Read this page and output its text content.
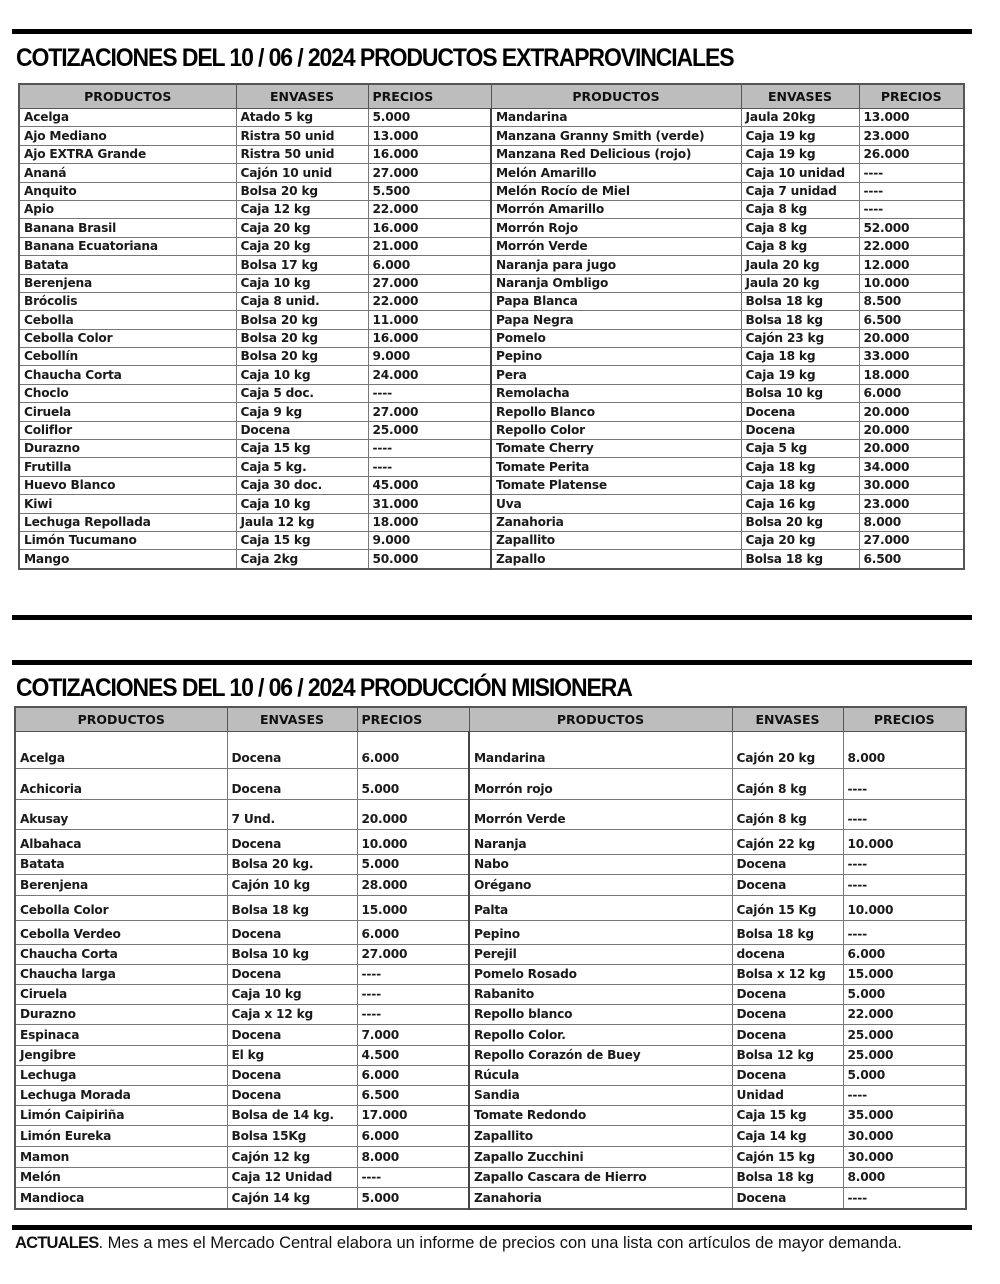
COTIZACIONES DEL 10 / 06 / 2024 PRODUCTOS EXTRAPROVINCIALES
PRODUCTOS	ENVASES	PRECIOS	PRODUCTOS	ENVASES	PRECIOS
Acelga	Atado 5 kg	5.000	Mandarina	Jaula 20kg	13.000
Ajo Mediano	Ristra 50 unid	13.000	Manzana Granny Smith (verde)	Caja 19 kg	23.000
Ajo EXTRA Grande	Ristra 50 unid	16.000	Manzana Red Delicious (rojo)	Caja 19 kg	26.000
Ananá	Cajón 10 unid	27.000	Melón Amarillo	Caja 10 unidad	----
Anquito	Bolsa 20 kg	5.500	Melón Rocío de Miel	Caja 7 unidad	----
Apio	Caja 12 kg	22.000	Morrón Amarillo	Caja 8 kg	----
Banana Brasil	Caja 20 kg	16.000	Morrón Rojo	Caja 8 kg	52.000
Banana Ecuatoriana	Caja 20 kg	21.000	Morrón Verde	Caja 8 kg	22.000
Batata	Bolsa 17 kg	6.000	Naranja para jugo	Jaula 20 kg	12.000
Berenjena	Caja 10 kg	27.000	Naranja Ombligo	Jaula 20 kg	10.000
Brócolis	Caja 8 unid.	22.000	Papa Blanca	Bolsa 18 kg	8.500
Cebolla	Bolsa 20 kg	11.000	Papa Negra	Bolsa 18 kg	6.500
Cebolla Color	Bolsa 20 kg	16.000	Pomelo	Cajón 23 kg	20.000
Cebollín	Bolsa 20 kg	9.000	Pepino	Caja 18 kg	33.000
Chaucha Corta	Caja 10 kg	24.000	Pera	Caja 19 kg	18.000
Choclo	Caja 5 doc.	----	Remolacha	Bolsa 10 kg	6.000
Ciruela	Caja 9 kg	27.000	Repollo Blanco	Docena	20.000
Coliflor	Docena	25.000	Repollo Color	Docena	20.000
Durazno	Caja 15 kg	----	Tomate Cherry	Caja 5 kg	20.000
Frutilla	Caja 5 kg.	----	Tomate Perita	Caja 18 kg	34.000
Huevo Blanco	Caja 30 doc.	45.000	Tomate Platense	Caja 18 kg	30.000
Kiwi	Caja 10 kg	31.000	Uva	Caja 16 kg	23.000
Lechuga Repollada	Jaula 12 kg	18.000	Zanahoria	Bolsa 20 kg	8.000
Limón Tucumano	Caja 15 kg	9.000	Zapallito	Caja 20 kg	27.000
Mango	Caja 2kg	50.000	Zapallo	Bolsa 18 kg	6.500
COTIZACIONES DEL 10 / 06 / 2024 PRODUCCIÓN MISIONERA
PRODUCTOS	ENVASES	PRECIOS	PRODUCTOS	ENVASES	PRECIOS
Acelga	Docena	6.000	Mandarina	Cajón 20 kg	8.000
Achicoria	Docena	5.000	Morrón rojo	Cajón 8 kg	----
Akusay	7 Und.	20.000	Morrón Verde	Cajón 8 kg	----
Albahaca	Docena	10.000	Naranja	Cajón 22 kg	10.000
Batata	Bolsa 20 kg.	5.000	Nabo	Docena	----
Berenjena	Cajón 10 kg	28.000	Orégano	Docena	----
Cebolla Color	Bolsa 18 kg	15.000	Palta	Cajón 15 Kg	10.000
Cebolla Verdeo	Docena	6.000	Pepino	Bolsa 18 kg	----
Chaucha Corta	Bolsa 10 kg	27.000	Perejil	docena	6.000
Chaucha larga	Docena	----	Pomelo Rosado	Bolsa x 12 kg	15.000
Ciruela	Caja 10 kg	----	Rabanito	Docena	5.000
Durazno	Caja x 12 kg	----	Repollo blanco	Docena	22.000
Espinaca	Docena	7.000	Repollo Color.	Docena	25.000
Jengibre	El kg	4.500	Repollo Corazón de Buey	Bolsa 12 kg	25.000
Lechuga	Docena	6.000	Rúcula	Docena	5.000
Lechuga Morada	Docena	6.500	Sandia	Unidad	----
Limón Caipiriña	Bolsa de 14 kg.	17.000	Tomate Redondo	Caja 15 kg	35.000
Limón Eureka	Bolsa 15Kg	6.000	Zapallito	Caja 14 kg	30.000
Mamon	Cajón 12 kg	8.000	Zapallo Zucchini	Cajón 15 kg	30.000
Melón	Caja 12 Unidad	----	Zapallo Cascara de Hierro	Bolsa 18 kg	8.000
Mandioca	Cajón 14 kg	5.000	Zanahoria	Docena	----
ACTUALES. Mes a mes el Mercado Central elabora un informe de precios con una lista con artículos de mayor demanda.
